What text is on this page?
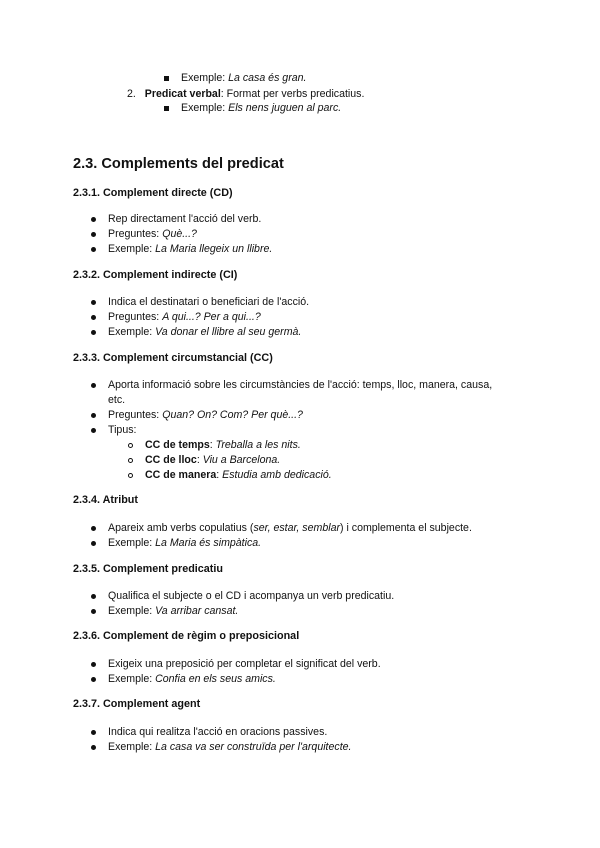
Exemple: La casa és gran.
2. Predicat verbal: Format per verbs predicatius.
Exemple: Els nens juguen al parc.
2.3. Complements del predicat
2.3.1. Complement directe (CD)
Rep directament l'acció del verb.
Preguntes: Què...?
Exemple: La Maria llegeix un llibre.
2.3.2. Complement indirecte (CI)
Indica el destinatari o beneficiari de l'acció.
Preguntes: A qui...? Per a qui...?
Exemple: Va donar el llibre al seu germà.
2.3.3. Complement circumstancial (CC)
Aporta informació sobre les circumstàncies de l'acció: temps, lloc, manera, causa,
etc.
Preguntes: Quan? On? Com? Per què...?
Tipus:
CC de temps: Treballa a les nits.
CC de lloc: Viu a Barcelona.
CC de manera: Estudia amb dedicació.
2.3.4. Atribut
Apareix amb verbs copulatius (ser, estar, semblar) i complementa el subjecte.
Exemple: La Maria és simpàtica.
2.3.5. Complement predicatiu
Qualifica el subjecte o el CD i acompanya un verb predicatiu.
Exemple: Va arribar cansat.
2.3.6. Complement de règim o preposicional
Exigeix una preposició per completar el significat del verb.
Exemple: Confia en els seus amics.
2.3.7. Complement agent
Indica qui realitza l'acció en oracions passives.
Exemple: La casa va ser construïda per l'arquitecte.
